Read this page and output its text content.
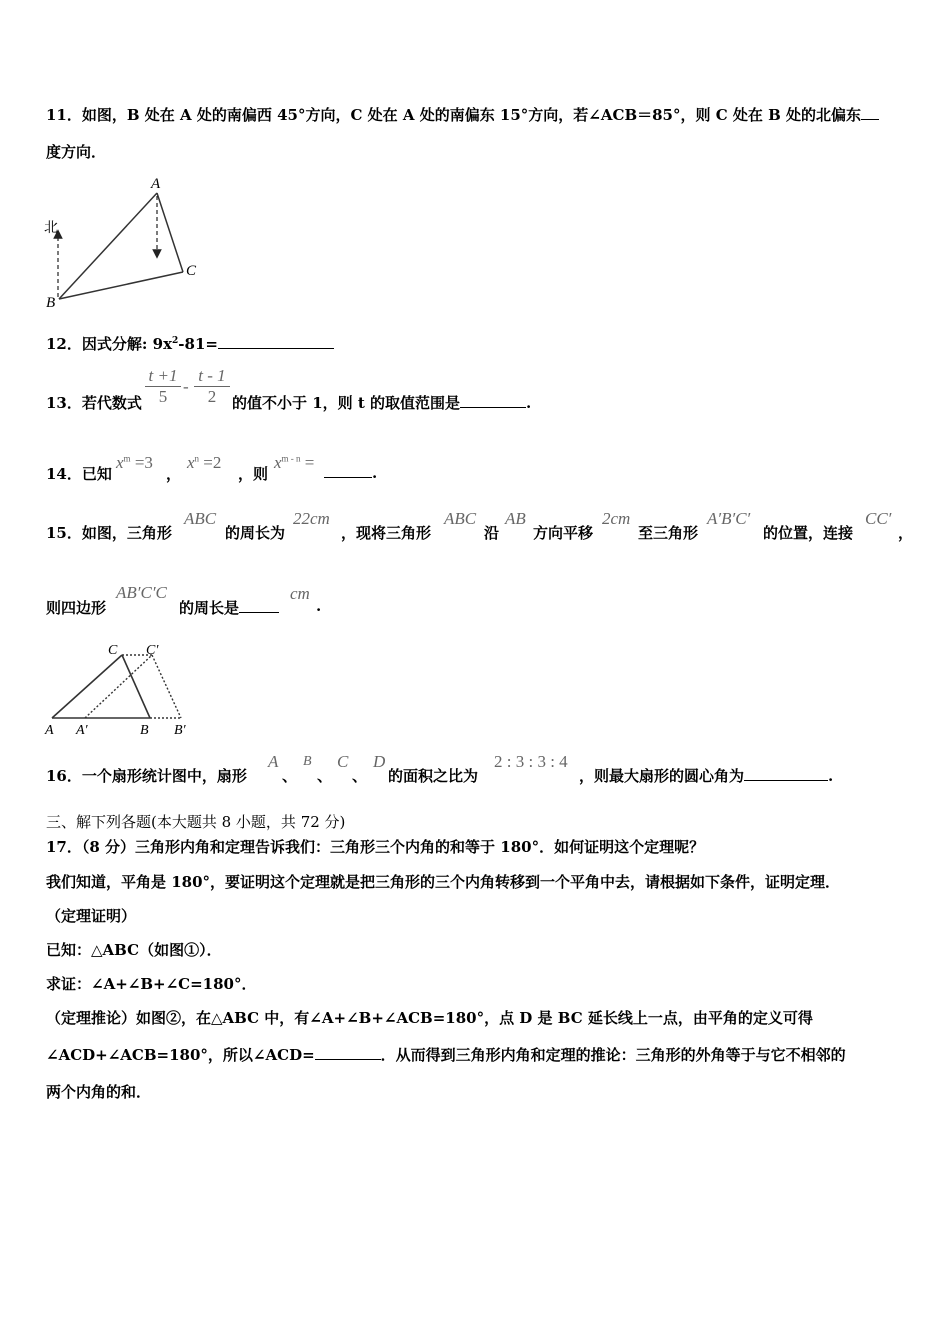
11．如图，B 处在 A 处的南偏西 45°方向，C 处在 A 处的南偏东 15°方向，若∠ACB＝85°，则 C 处在 B 处的北偏东
度方向．
北
A
B
C
12．因式分解: $9x^2-81=$
13．若代数式
t +1
5
-
t - 1
2	的值不小于 1，则 t 的取值范围是	.
14．已知
$x^m =3$
，
$x^n =2$
，则
$x^{m - n}$ =
.
15．如图，三角形
ABC
的周长为
22cm
，现将三角形
ABC
沿
AB
方向平移
2cm
至三角形
A′B′C′
的位置，连接
CC′
，
则四边形
AB′C′C
的周长是
cm
.
A A′	B B′
C C′
16．一个扇形统计图中，扇形
A
、
B
、
C
、
D
的面积之比为
2 : 3 : 3 : 4
，则最大扇形的圆心角为	.
三、解下列各题(本大题共 8 小题，共 72 分)
17．（8 分）三角形内角和定理告诉我们：三角形三个内角的和等于 180°．如何证明这个定理呢？
我们知道，平角是 180°，要证明这个定理就是把三角形的三个内角转移到一个平角中去，请根据如下条件，证明定理．
（定理证明）
已知：△ABC（如图①）．
求证：∠A+∠B+∠C=180°．
（定理推论）如图②，在△ABC 中，有∠A+∠B+∠ACB=180°，点 D 是 BC 延长线上一点，由平角的定义可得
∠ACD+∠ACB=180°，所以∠ACD=	．从而得到三角形内角和定理的推论：三角形的外角等于与它不相邻的
两个内角的和．
